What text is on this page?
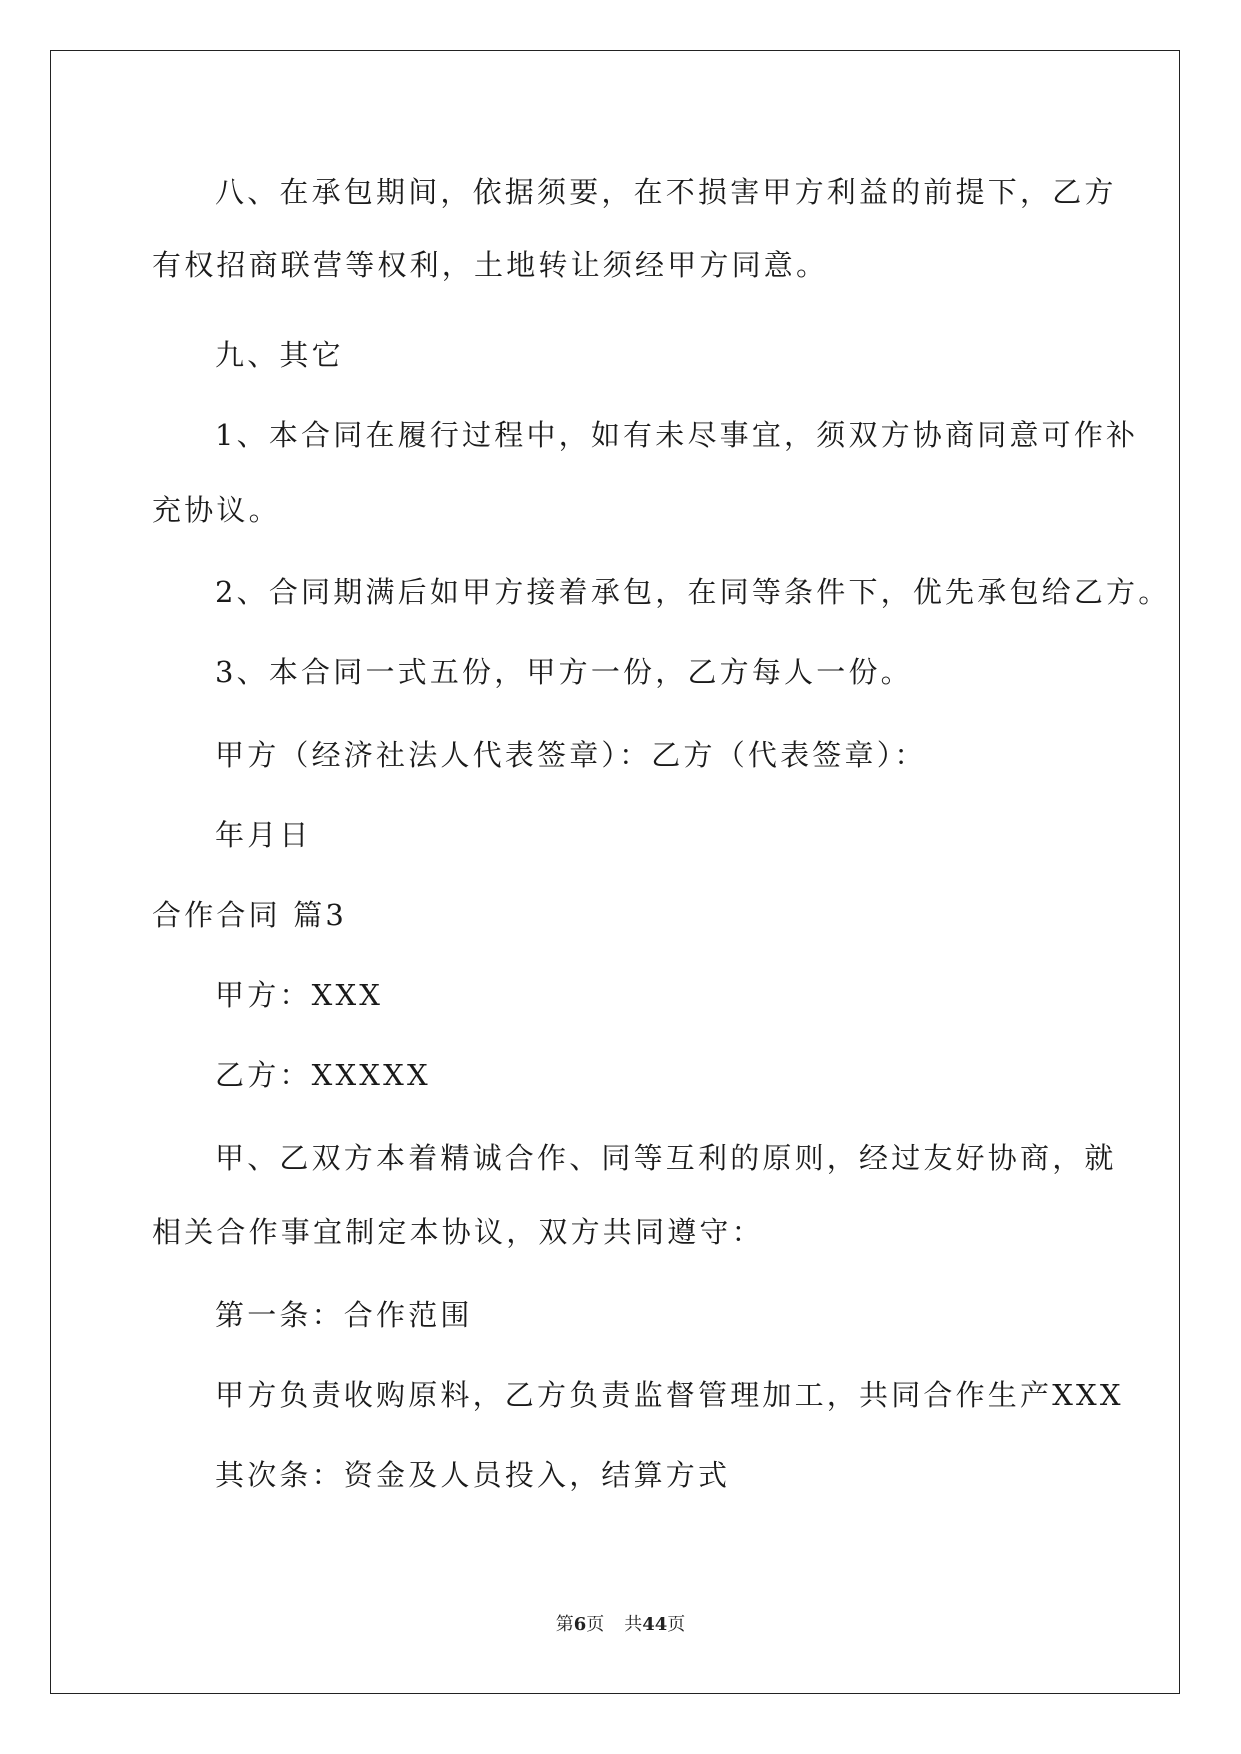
八、在承包期间，依据须要，在不损害甲方利益的前提下，乙方
有权招商联营等权利，土地转让须经甲方同意。
九、其它
1、本合同在履行过程中，如有未尽事宜，须双方协商同意可作补
充协议。
2、合同期满后如甲方接着承包，在同等条件下，优先承包给乙方。
3、本合同一式五份，甲方一份，乙方每人一份。
甲方（经济社法人代表签章）：乙方（代表签章）：
年月日
合作合同 篇3
甲方：XXX
乙方：XXXXX
甲、乙双方本着精诚合作、同等互利的原则，经过友好协商，就
相关合作事宜制定本协议，双方共同遵守：
第一条：合作范围
甲方负责收购原料，乙方负责监督管理加工，共同合作生产XXX
其次条：资金及人员投入，结算方式
第6页 共44页
